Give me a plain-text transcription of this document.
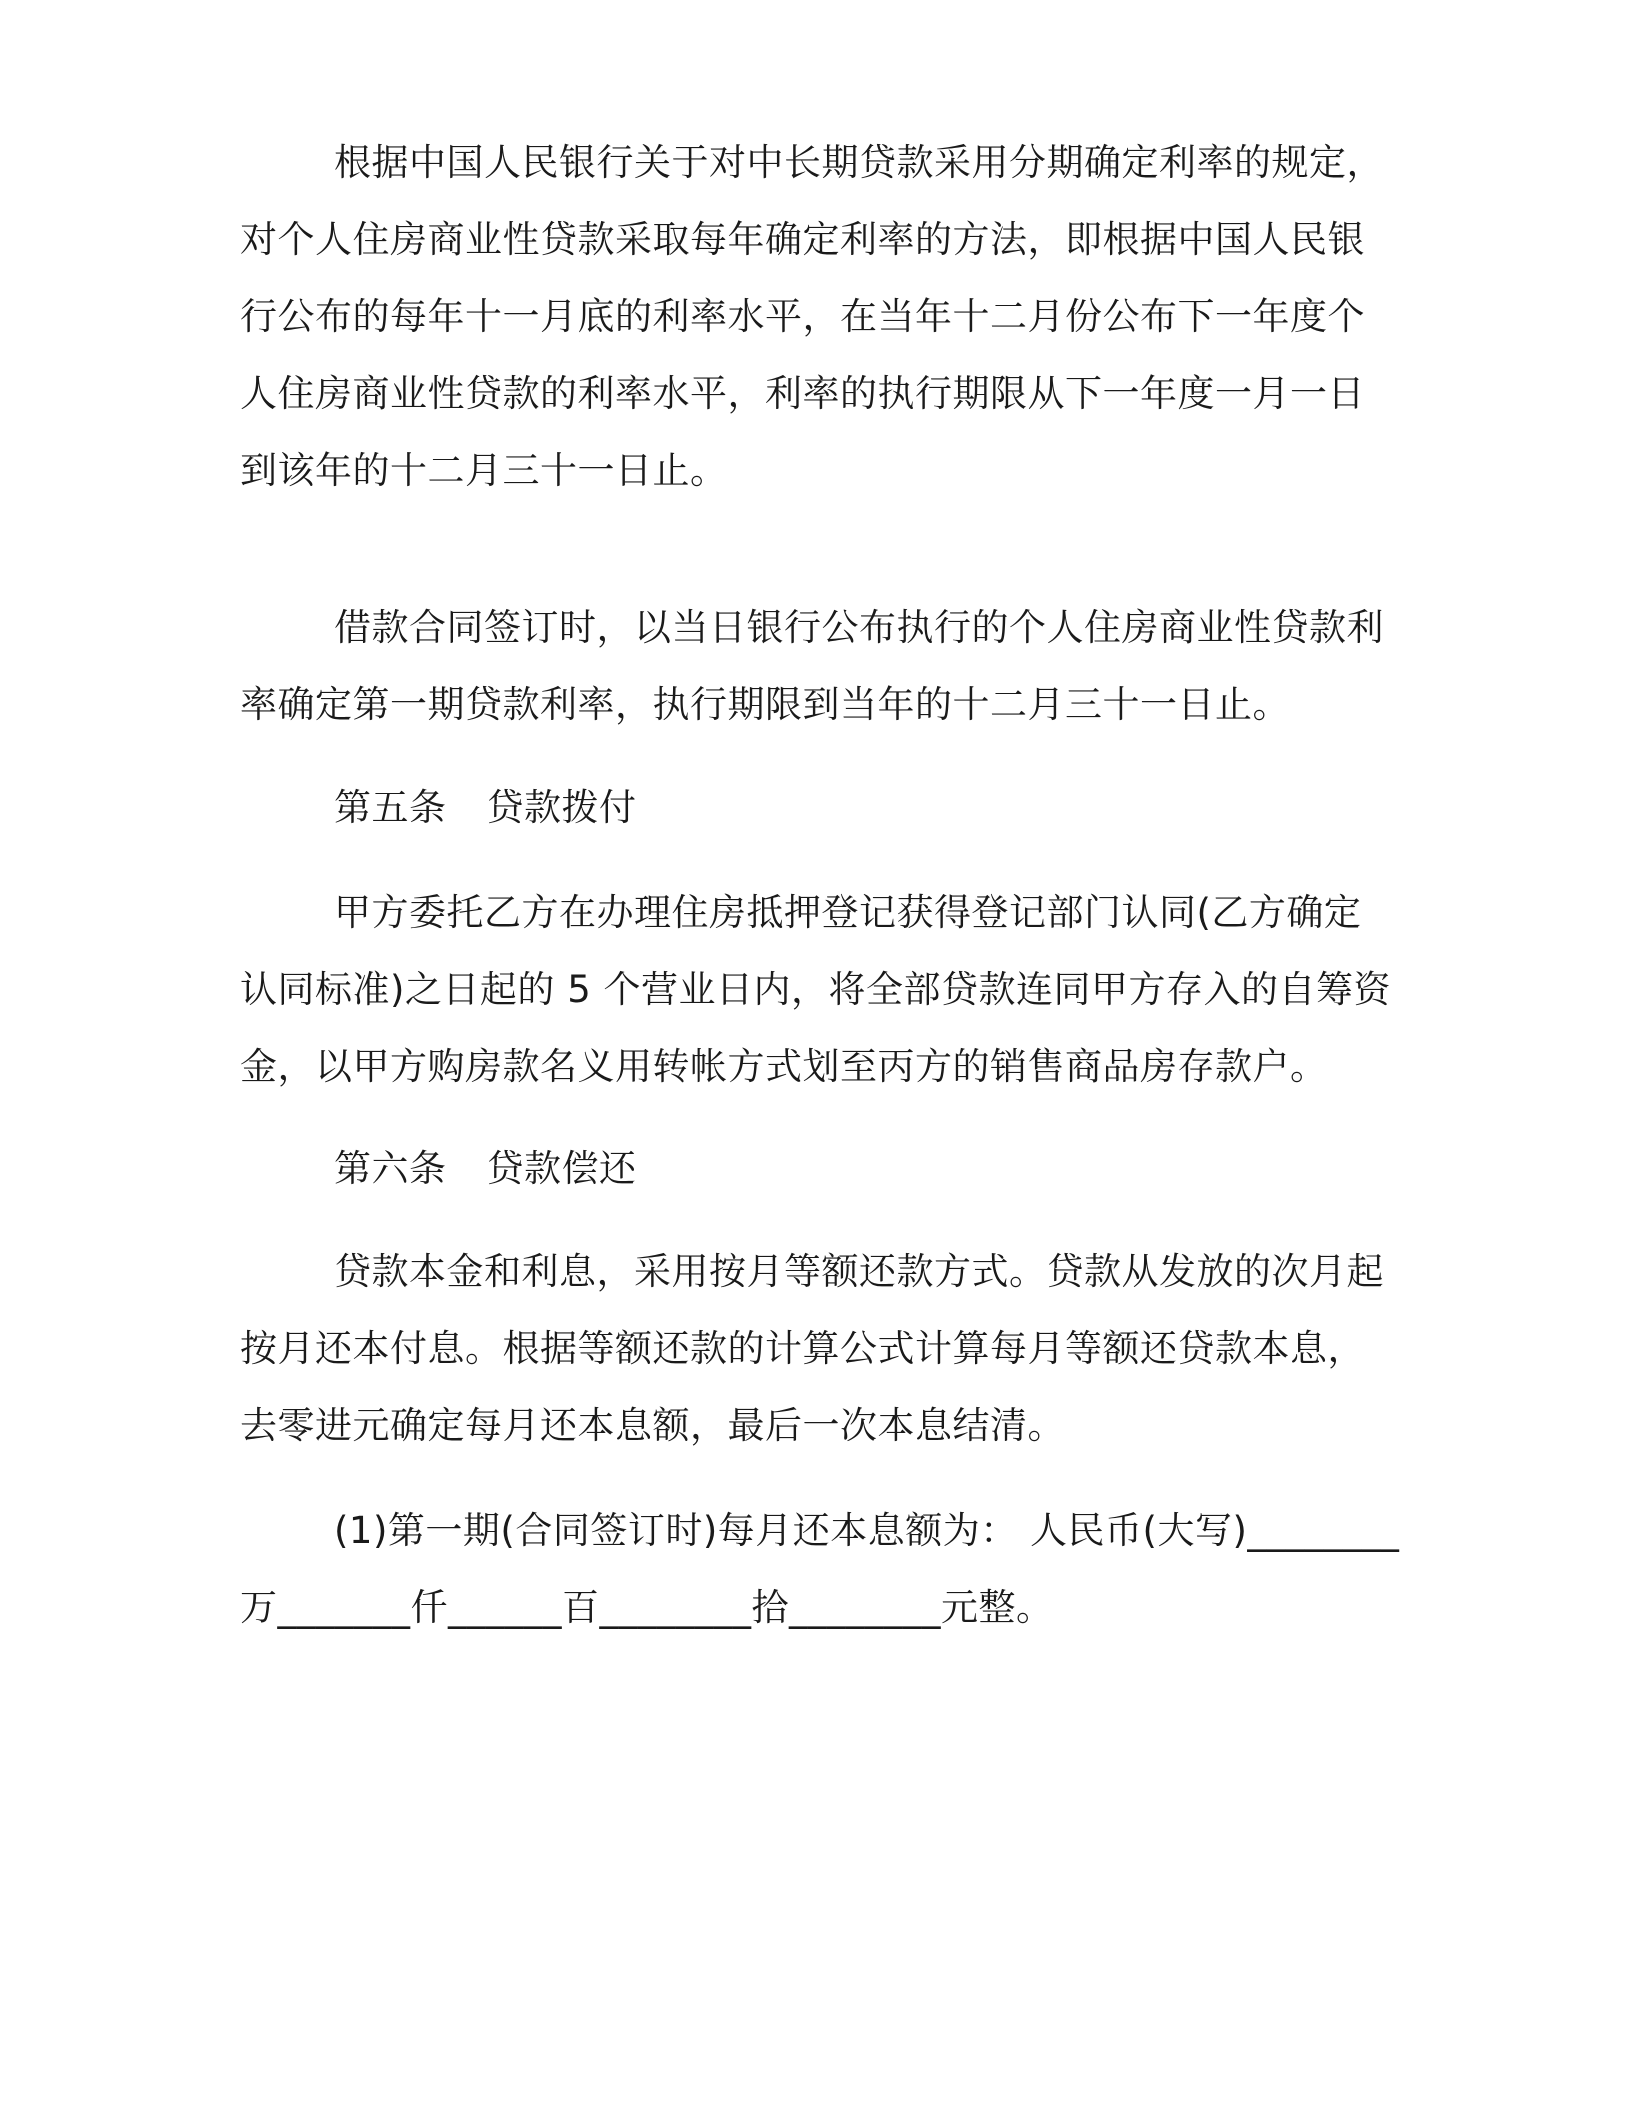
根据中国人民银行关于对中长期贷款采用分期确定利率的规定，
对个人住房商业性贷款采取每年确定利率的方法，即根据中国人民银
行公布的每年十一月底的利率水平，在当年十二月份公布下一年度个
人住房商业性贷款的利率水平，利率的执行期限从下一年度一月一日
到该年的十二月三十一日止。
借款合同签订时，以当日银行公布执行的个人住房商业性贷款利
率确定第一期贷款利率，执行期限到当年的十二月三十一日止。
第五条 贷款拨付
甲方委托乙方在办理住房抵押登记获得登记部门认同(乙方确定
认同标准)之日起的 5 个营业日内，将全部贷款连同甲方存入的自筹资
金，以甲方购房款名义用转帐方式划至丙方的销售商品房存款户。
第六条 贷款偿还
贷款本金和利息，采用按月等额还款方式。贷款从发放的次月起
按月还本付息。根据等额还款的计算公式计算每月等额还贷款本息，
去零进元确定每月还本息额，最后一次本息结清。
(1)第一期(合同签订时)每月还本息额为： 人民币(大写)________
万_______仟______百________拾________元整。
